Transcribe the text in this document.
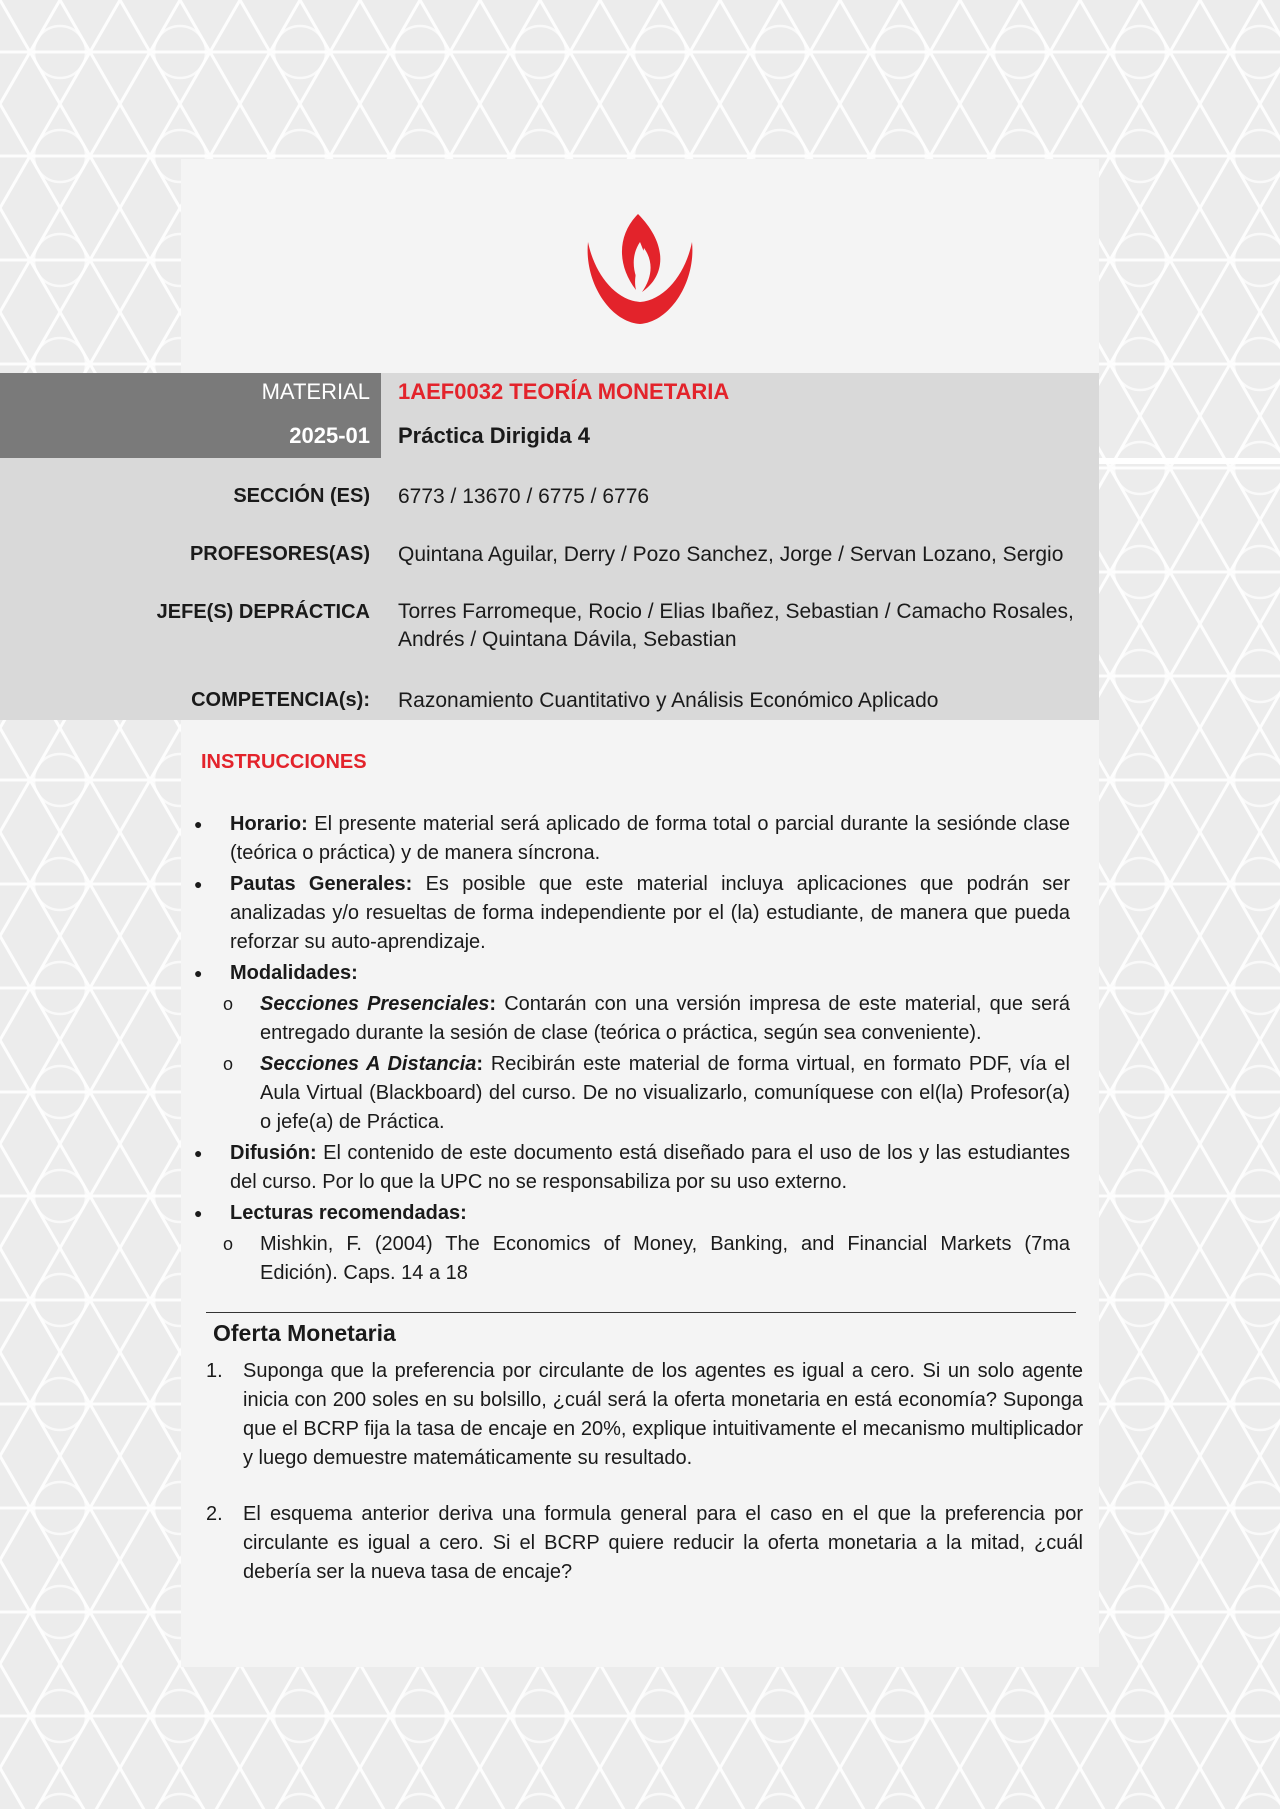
MATERIAL 1AEF0032 TEORÍA MONETARIA
2025-01 Práctica Dirigida 4
SECCIÓN (ES) 6773 / 13670 / 6775 / 6776
PROFESORES(AS) Quintana Aguilar, Derry / Pozo Sanchez, Jorge / Servan Lozano, Sergio
JEFE(S) DEPRÁCTICA Torres Farromeque, Rocio / Elias Ibañez, Sebastian / Camacho Rosales, Andrés / Quintana Dávila, Sebastian
COMPETENCIA(s): Razonamiento Cuantitativo y Análisis Económico Aplicado
INSTRUCCIONES
● Horario: El presente material será aplicado de forma total o parcial durante la sesiónde clase (teórica o práctica) y de manera síncrona.
● Pautas Generales: Es posible que este material incluya aplicaciones que podrán ser analizadas y/o resueltas de forma independiente por el (la) estudiante, de manera que pueda reforzar su auto-aprendizaje.
● Modalidades:
o Secciones Presenciales: Contarán con una versión impresa de este material, que será entregado durante la sesión de clase (teórica o práctica, según sea conveniente).
o Secciones A Distancia: Recibirán este material de forma virtual, en formato PDF, vía el Aula Virtual (Blackboard) del curso. De no visualizarlo, comuníquese con el(la) Profesor(a) o jefe(a) de Práctica.
● Difusión: El contenido de este documento está diseñado para el uso de los y las estudiantes del curso. Por lo que la UPC no se responsabiliza por su uso externo.
● Lecturas recomendadas:
o Mishkin, F. (2004) The Economics of Money, Banking, and Financial Markets (7ma Edición). Caps. 14 a 18
Oferta Monetaria
1. Suponga que la preferencia por circulante de los agentes es igual a cero. Si un solo agente inicia con 200 soles en su bolsillo, ¿cuál será la oferta monetaria en está economía? Suponga que el BCRP fija la tasa de encaje en 20%, explique intuitivamente el mecanismo multiplicador y luego demuestre matemáticamente su resultado.
2. El esquema anterior deriva una formula general para el caso en el que la preferencia por circulante es igual a cero. Si el BCRP quiere reducir la oferta monetaria a la mitad, ¿cuál debería ser la nueva tasa de encaje?
